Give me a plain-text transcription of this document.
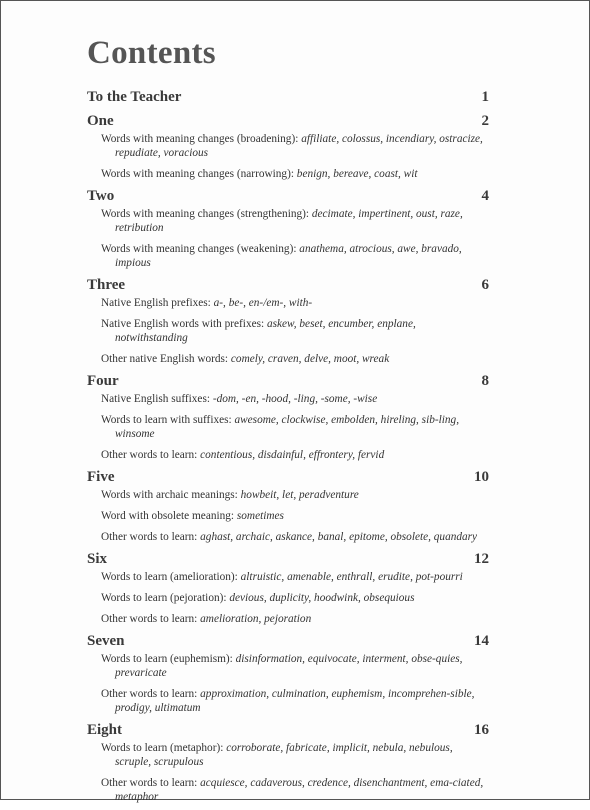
Contents
To the Teacher	1
One	2
Words with meaning changes (broadening): affiliate, colossus, incendiary, ostracize, repudiate, voracious
Words with meaning changes (narrowing): benign, bereave, coast, wit
Two	4
Words with meaning changes (strengthening): decimate, impertinent, oust, raze, retribution
Words with meaning changes (weakening): anathema, atrocious, awe, bravado, impious
Three	6
Native English prefixes: a-, be-, en-/em-, with-
Native English words with prefixes: askew, beset, encumber, enplane, notwithstanding
Other native English words: comely, craven, delve, moot, wreak
Four	8
Native English suffixes: -dom, -en, -hood, -ling, -some, -wise
Words to learn with suffixes: awesome, clockwise, embolden, hireling, sib-ling, winsome
Other words to learn: contentious, disdainful, effrontery, fervid
Five	10
Words with archaic meanings: howbeit, let, peradventure
Word with obsolete meaning: sometimes
Other words to learn: aghast, archaic, askance, banal, epitome, obsolete, quandary
Six	12
Words to learn (amelioration): altruistic, amenable, enthrall, erudite, pot-pourri
Words to learn (pejoration): devious, duplicity, hoodwink, obsequious
Other words to learn: amelioration, pejoration
Seven	14
Words to learn (euphemism): disinformation, equivocate, interment, obse-quies, prevaricate
Other words to learn: approximation, culmination, euphemism, incomprehen-sible, prodigy, ultimatum
Eight	16
Words to learn (metaphor): corroborate, fabricate, implicit, nebula, nebulous, scruple, scrupulous
Other words to learn: acquiesce, cadaverous, credence, disenchantment, ema-ciated, metaphor
